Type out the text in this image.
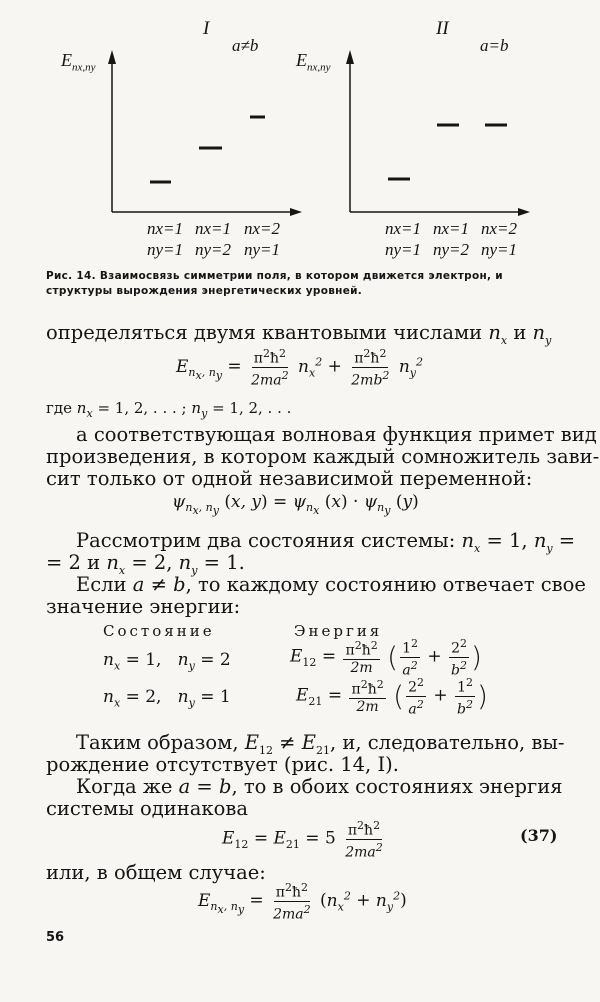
I
a≠b
$E_{nx,ny}$
nx=1 nx=1 nx=2
ny=1 ny=2 ny=1
II
a=b
$E_{nx,ny}$
nx=1 nx=1 nx=2
ny=1 ny=2 ny=1
Рис. 14. Взаимосвязь симметрии поля, в котором движется электрон, и
структуры вырождения энергетических уровней.
определяться двумя квантовыми числами $n_x$ и $n_y$
$E_{n_x, n_y} = \frac{\pi^2ħ^2}{2ma^2} n_x^2 + \frac{\pi^2ħ^2}{2mb^2} n_y^2$
где $n_x = 1$, 2, . . . ; $n_y = 1$, 2, . . .
а соответствующая волновая функция примет вид
произведения, в котором каждый сомножитель зави-
сит только от одной независимой переменной:
$\psi_{n_x, n_y}$ (x, $y) = \psi_{n_x}$ $(x) \cdot \psi_{n_y}$ (y)
Рассмотрим два состояния системы: $n_x = 1$, $n_y$ =
= 2 и $n_x = 2$, $n_y = 1$.
Если a ≠ b, то каждому состоянию отвечает свое
значение энергии:
Состояние	Энергия
$n_x = 1$,   $n_y = 2$	$E_{12} = \frac{\pi^2ħ^2}{2m}$ ( $\frac{1^2}{a^2} + \frac{2^2}{b^2}$ )
$n_x = 2$,   $n_y = 1$	$E_{21} = \frac{\pi^2ħ^2}{2m}$ ( $\frac{2^2}{a^2} + \frac{1^2}{b^2}$ )
Таким образом, $E_{12} \ne E_{21}$, и, следовательно, вы-
рождение отсутствует (рис. 14, I).
Когда же a = b, то в обоих состояниях энергия
системы одинакова
$E_{12} = E_{21} = 5 \frac{\pi^2ħ^2}{2ma^2}$	(37)
или, в общем случае:
$E_{n_x, n_y} = \frac{\pi^2ħ^2}{2ma^2} (n_x^2 + n_y^2)$
56
